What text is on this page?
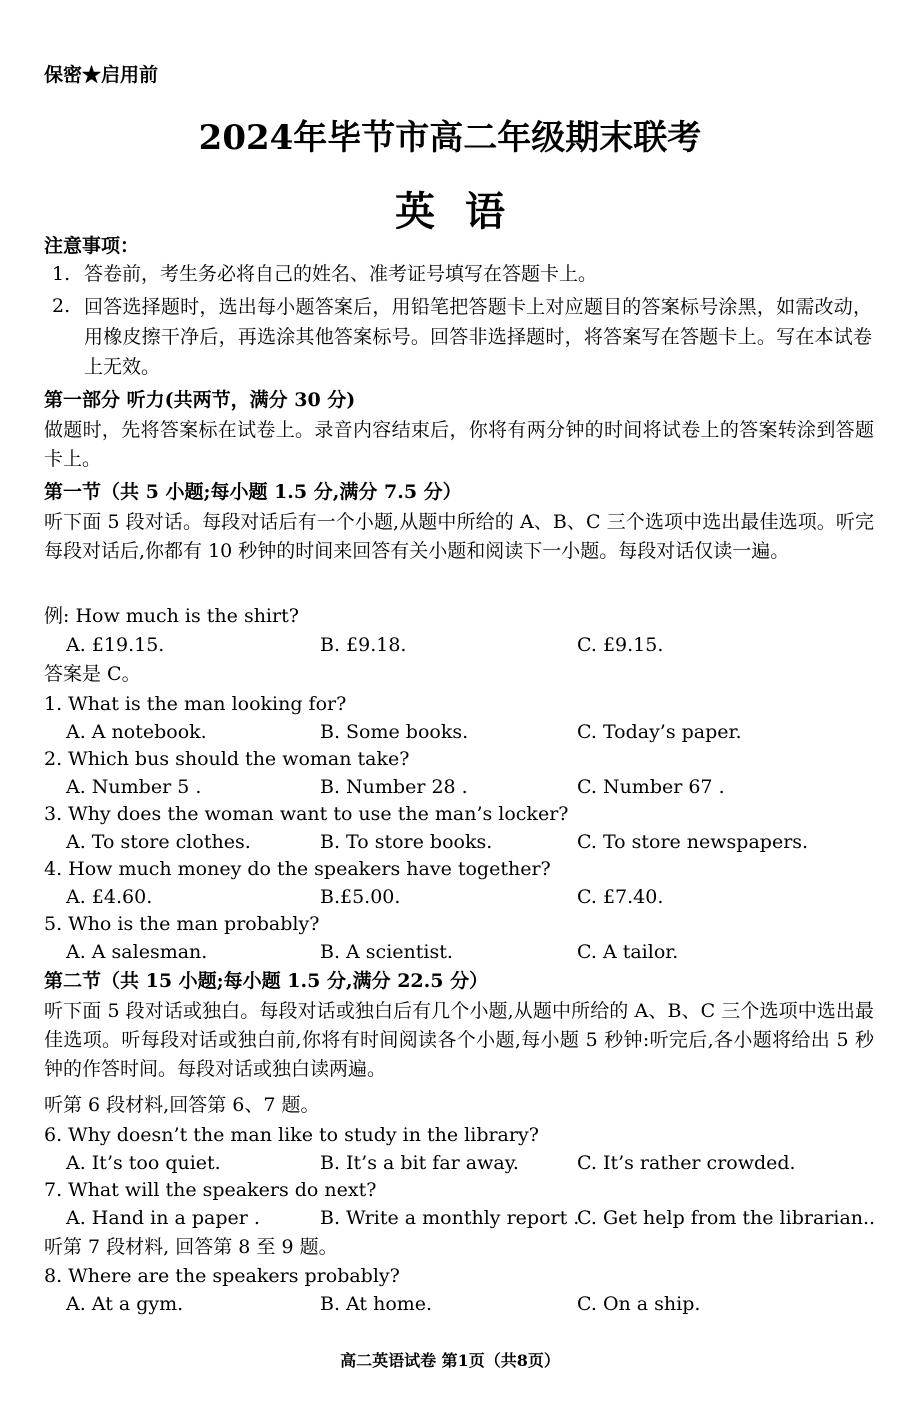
保密★启用前
2024年毕节市高二年级期末联考
英语
注意事项：
1. 答卷前，考生务必将自己的姓名、准考证号填写在答题卡上。
2. 回答选择题时，选出每小题答案后，用铅笔把答题卡上对应题目的答案标号涂黑，如需改动，用橡皮擦干净后，再选涂其他答案标号。回答非选择题时，将答案写在答题卡上。写在本试卷上无效。
第一部分 听力(共两节，满分 30 分)
做题时，先将答案标在试卷上。录音内容结束后，你将有两分钟的时间将试卷上的答案转涂到答题卡上。
第一节（共 5 小题;每小题 1.5 分,满分 7.5 分）
听下面 5 段对话。每段对话后有一个小题,从题中所给的 A、B、C 三个选项中选出最佳选项。听完每段对话后,你都有 10 秒钟的时间来回答有关小题和阅读下一小题。每段对话仅读一遍。
例: How much is the shirt?
A. £19.15.	B. £9.18.	C. £9.15.
答案是 C。
1. What is the man looking for?
A. A notebook.	B. Some books.	C. Today’s paper.
2. Which bus should the woman take?
A. Number 5 .	B. Number 28 .	C. Number 67 .
3. Why does the woman want to use the man’s locker?
A. To store clothes.	B. To store books.	C. To store newspapers.
4. How much money do the speakers have together?
A. £4.60.	B.£5.00.	C. £7.40.
5. Who is the man probably?
A. A salesman.	B. A scientist.	C. A tailor.
第二节（共 15 小题;每小题 1.5 分,满分 22.5 分）
听下面 5 段对话或独白。每段对话或独白后有几个小题,从题中所给的 A、B、C 三个选项中选出最佳选项。听每段对话或独白前,你将有时间阅读各个小题,每小题 5 秒钟:听完后,各小题将给出 5 秒钟的作答时间。每段对话或独白读两遍。
听第 6 段材料,回答第 6、7 题。
6. Why doesn’t the man like to study in the library?
A. It’s too quiet.	B. It’s a bit far away.	C. It’s rather crowded.
7. What will the speakers do next?
A. Hand in a paper .	B. Write a monthly report .
C. Get help from the librarian..
听第 7 段材料, 回答第 8 至 9 题。
8. Where are the speakers probably?
A. At a gym.	B. At home.	C. On a ship.
高二英语试卷 第1页（共8页）
